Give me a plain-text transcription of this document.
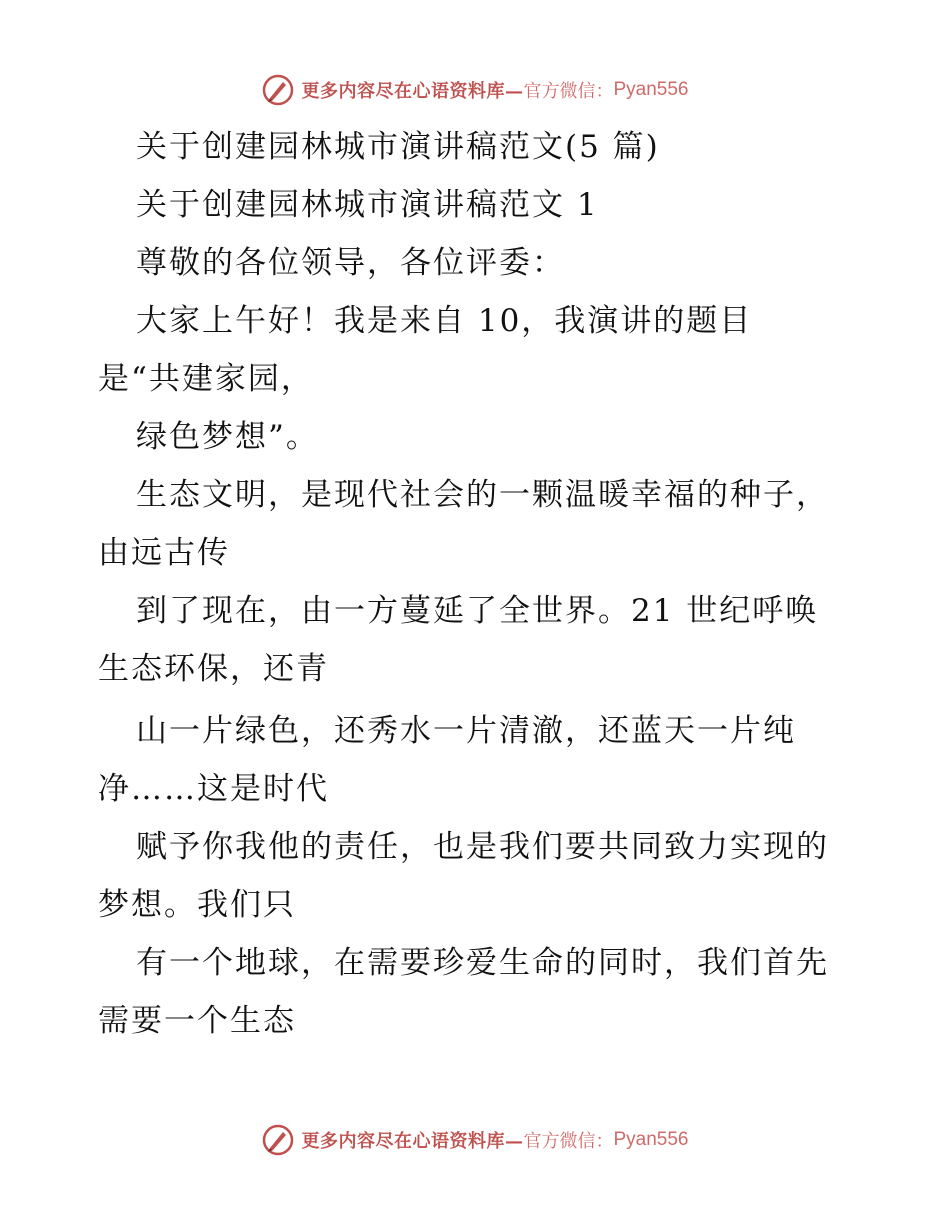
更多内容尽在心语资料库— 官方微信： Pyan556
关于创建园林城市演讲稿范文(5 篇)
关于创建园林城市演讲稿范文 1
尊敬的各位领导，各位评委：
大家上午好！我是来自 10，我演讲的题目
是“共建家园，
绿色梦想”。
生态文明，是现代社会的一颗温暖幸福的种子，
由远古传
到了现在，由一方蔓延了全世界。21 世纪呼唤
生态环保，还青
山一片绿色，还秀水一片清澈，还蓝天一片纯
净……这是时代
赋予你我他的责任，也是我们要共同致力实现的
梦想。我们只
有一个地球，在需要珍爱生命的同时，我们首先
需要一个生态
更多内容尽在心语资料库— 官方微信： Pyan556
